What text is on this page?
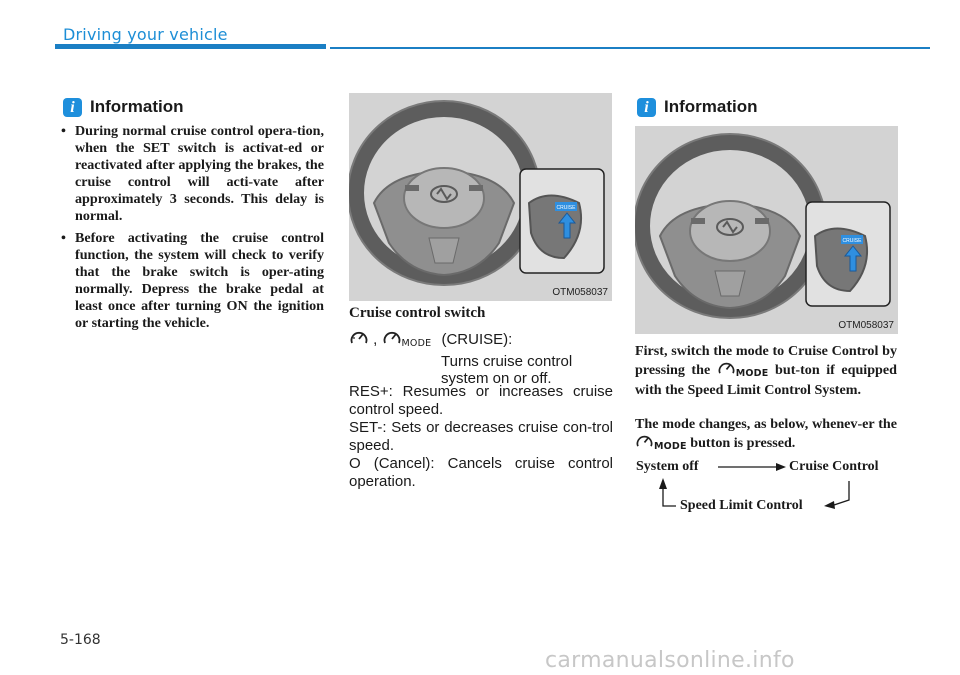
Driving your vehicle
i Information
• During normal cruise control opera-tion, when the SET switch is activat-ed or reactivated after applying the brakes, the cruise control will acti-vate after approximately 3 seconds. This delay is normal.
• Before activating the cruise control function, the system will check to verify that the brake switch is oper-ating normally. Depress the brake pedal at least once after turning ON the ignition or starting the vehicle.
CRUISE
OTM058037
Cruise control switch
,	MODE (CRUISE):
Turns cruise control system on or off.
RES+: Resumes or increases cruise control speed.
SET-: Sets or decreases cruise con-trol speed.
O (Cancel): Cancels cruise control operation.
i Information
CRUISE
OTM058037
First, switch the mode to Cruise Control by pressing the	MODE but-ton if equipped with the Speed Limit Control System.
The mode changes, as below, whenev-er the MODE button is pressed.
System off	Cruise Control
Speed Limit Control
5-168
carmanualsonline.info
